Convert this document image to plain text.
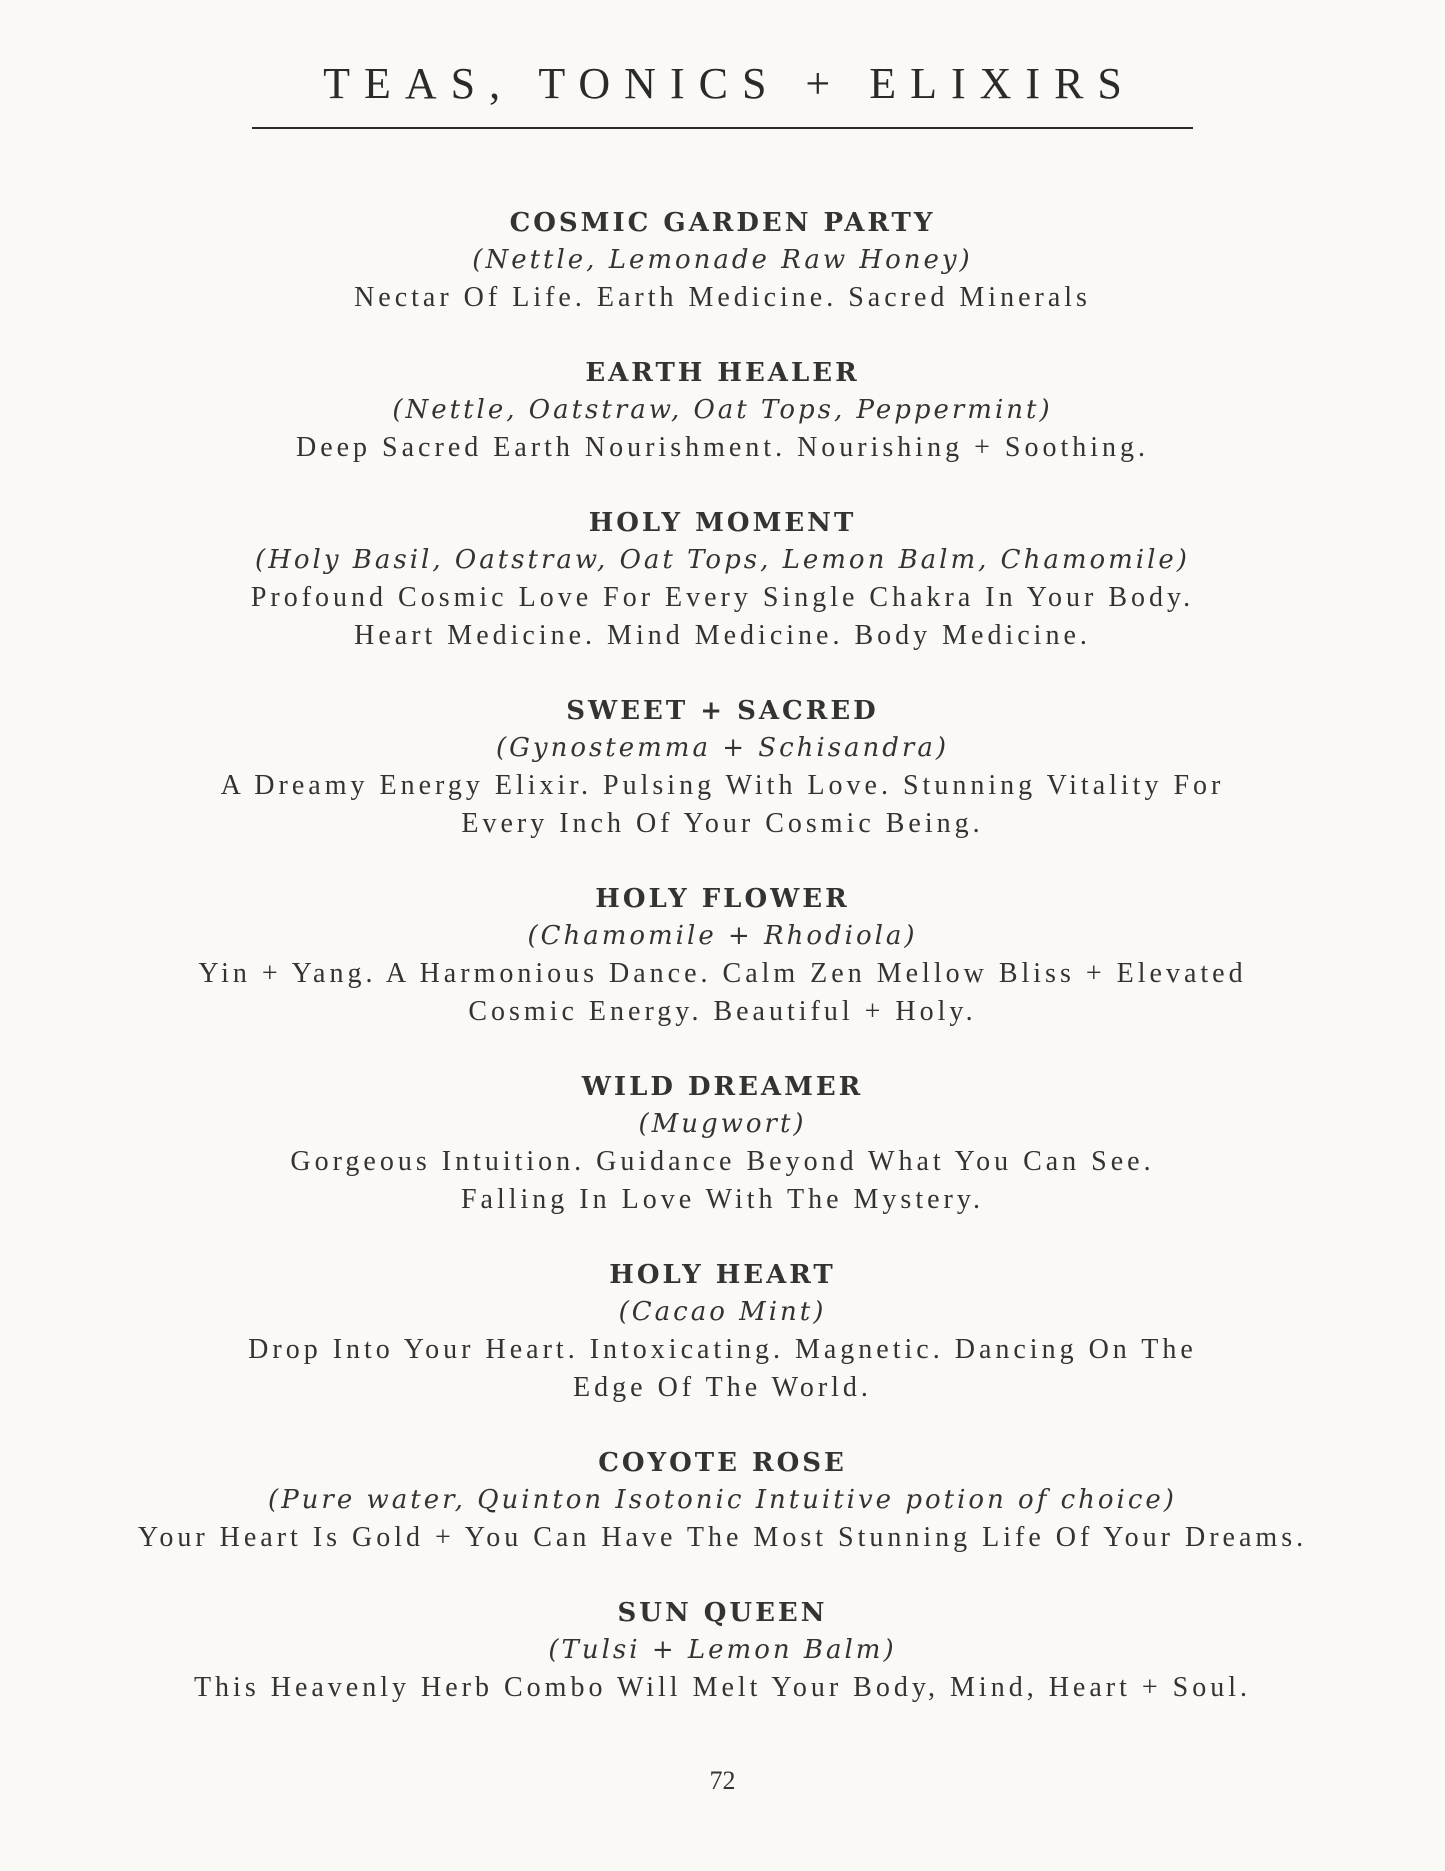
TEAS, TONICS + ELIXIRS
COSMIC GARDEN PARTY
(Nettle, Lemonade Raw Honey)
Nectar Of Life. Earth Medicine. Sacred Minerals
EARTH HEALER
(Nettle, Oatstraw, Oat Tops, Peppermint)
Deep Sacred Earth Nourishment. Nourishing + Soothing.
HOLY MOMENT
(Holy Basil, Oatstraw, Oat Tops, Lemon Balm, Chamomile)
Profound Cosmic Love For Every Single Chakra In Your Body.
Heart Medicine. Mind Medicine. Body Medicine.
SWEET + SACRED
(Gynostemma + Schisandra)
A Dreamy Energy Elixir. Pulsing With Love. Stunning Vitality For
Every Inch Of Your Cosmic Being.
HOLY FLOWER
(Chamomile + Rhodiola)
Yin + Yang. A Harmonious Dance. Calm Zen Mellow Bliss + Elevated
Cosmic Energy. Beautiful + Holy.
WILD DREAMER
(Mugwort)
Gorgeous Intuition. Guidance Beyond What You Can See.
Falling In Love With The Mystery.
HOLY HEART
(Cacao Mint)
Drop Into Your Heart. Intoxicating. Magnetic. Dancing On The
Edge Of The World.
COYOTE ROSE
(Pure water, Quinton Isotonic Intuitive potion of choice)
Your Heart Is Gold + You Can Have The Most Stunning Life Of Your Dreams.
SUN QUEEN
(Tulsi + Lemon Balm)
This Heavenly Herb Combo Will Melt Your Body, Mind, Heart + Soul.
72
